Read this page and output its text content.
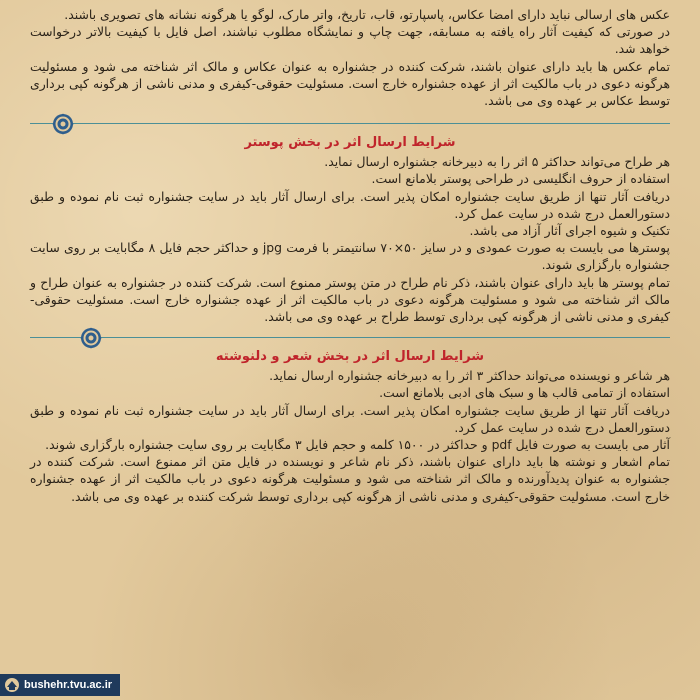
عکس های ارسالی نباید دارای امضا عکاس، پاسپارتو، قاب، تاریخ، واتر مارک، لوگو یا هرگونه نشانه های تصویری باشند.

در صورتی که کیفیت آثار راه یافته به مسابقه، جهت چاپ و نمایشگاه مطلوب نباشند، اصل فایل با کیفیت بالاتر درخواست خواهد شد.

تمام عکس ها باید دارای عنوان باشند، شرکت کننده در جشنواره به عنوان عکاس و مالک اثر شناخته می شود و مسئولیت هرگونه دعوی در باب مالکیت اثر از عهده جشنواره خارج است. مسئولیت حقوقی-کیفری و مدنی ناشی از هرگونه کپی برداری توسط عکاس بر عهده وی می باشد.

شرایط ارسال اثر در بخش پوستر

هر طراح می‌تواند حداکثر ۵ اثر را به دبیرخانه جشنواره ارسال نماید.

استفاده از حروف انگلیسی در طراحی پوستر بلامانع است.

دریافت آثار تنها از طریق سایت جشنواره امکان پذیر است. برای ارسال آثار باید در سایت جشنواره ثبت نام نموده و طبق دستورالعمل درج شده در سایت عمل کرد.

تکنیک و شیوه اجرای آثار آزاد می باشد.

پوسترها می بایست به صورت عمودی و در سایز ۵۰×۷۰ سانتیمتر با فرمت jpg و حداکثر حجم فایل ۸ مگابایت بر روی سایت جشنواره بارگزاری شوند.

تمام پوستر ها باید دارای عنوان باشند، ذکر نام طراح در متن پوستر ممنوع است. شرکت کننده در جشنواره به عنوان طراح و مالک اثر شناخته می شود و مسئولیت هرگونه دعوی در باب مالکیت اثر از عهده جشنواره خارج است. مسئولیت حقوقی-کیفری و مدنی ناشی از هرگونه کپی برداری توسط طراح بر عهده وی می باشد.

شرایط ارسال اثر در بخش شعر و دلنوشته

هر شاعر و نویسنده می‌تواند حداکثر ۳ اثر را به دبیرخانه جشنواره ارسال نماید.

استفاده از تمامی قالب ها و سبک های ادبی بلامانع است.

دریافت آثار تنها از طریق سایت جشنواره امکان پذیر است. برای ارسال آثار باید در سایت جشنواره ثبت نام نموده و طبق دستورالعمل درج شده در سایت عمل کرد.

آثار می بایست به صورت فایل pdf و حداکثر در ۱۵۰۰ کلمه و حجم فایل ۳ مگابایت بر روی سایت جشنواره بارگزاری شوند.

تمام اشعار و نوشته ها باید دارای عنوان باشند، ذکر نام شاعر و نویسنده در فایل متن اثر ممنوع است. شرکت کننده در جشنواره به عنوان پدیدآورنده و مالک اثر شناخته می شود و مسئولیت هرگونه دعوی در باب مالکیت اثر از عهده جشنواره خارج است. مسئولیت حقوقی-کیفری و مدنی ناشی از هرگونه کپی برداری توسط شرکت کننده بر عهده وی می باشد.

bushehr.tvu.ac.ir
